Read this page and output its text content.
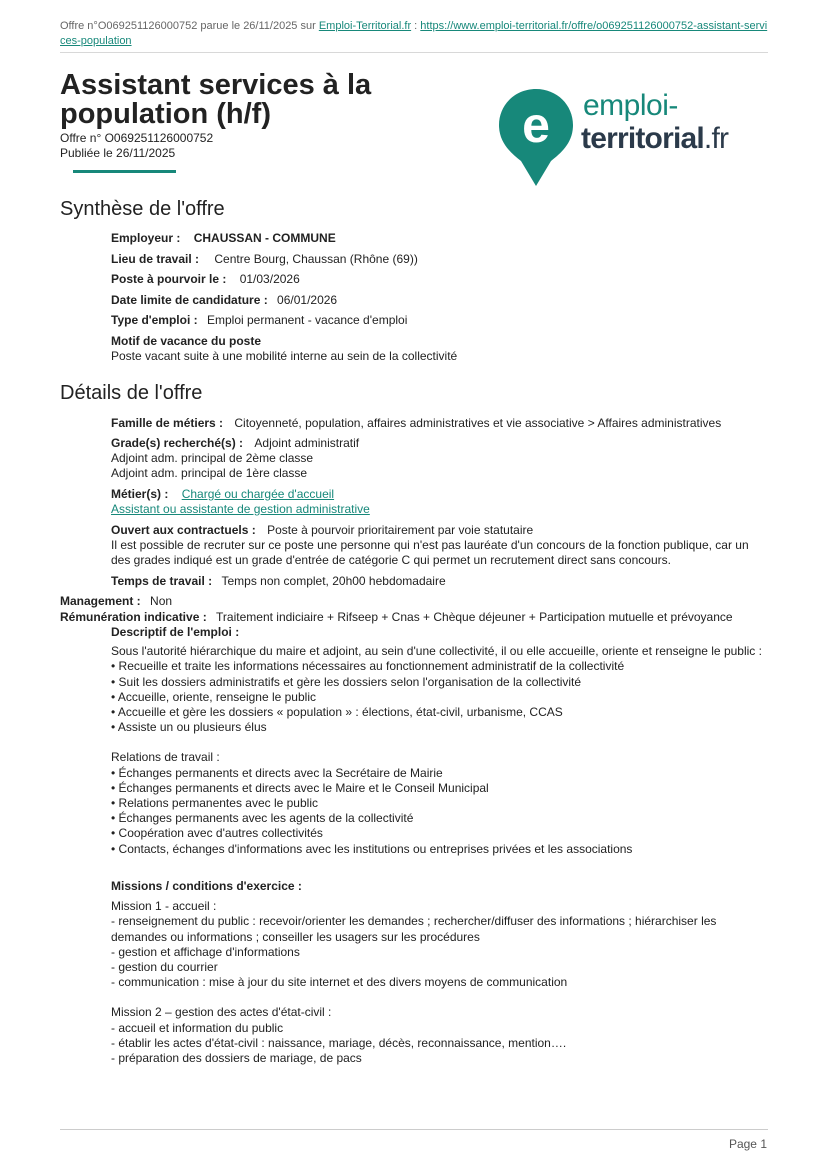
Offre n°O069251126000752 parue le 26/11/2025 sur Emploi-Territorial.fr : https://www.emploi-territorial.fr/offre/o069251126000752-assistant-services-population
Assistant services à la population (h/f)
Offre n° O069251126000752
Publiée le 26/11/2025	e emploi-
territorial.fr
Synthèse de l'offre
Employeur : CHAUSSAN - COMMUNE
Lieu de travail : Centre Bourg, Chaussan (Rhône (69))
Poste à pourvoir le : 01/03/2026
Date limite de candidature : 06/01/2026
Type d'emploi : Emploi permanent - vacance d'emploi
Motif de vacance du poste
Poste vacant suite à une mobilité interne au sein de la collectivité
Détails de l'offre
Famille de métiers : Citoyenneté, population, affaires administratives et vie associative > Affaires administratives
Grade(s) recherché(s) : Adjoint administratif
Adjoint adm. principal de 2ème classe
Adjoint adm. principal de 1ère classe
Métier(s) : Chargé ou chargée d'accueil
Assistant ou assistante de gestion administrative
Ouvert aux contractuels : Poste à pourvoir prioritairement par voie statutaire
Il est possible de recruter sur ce poste une personne qui n'est pas lauréate d'un concours de la fonction publique, car un des grades indiqué est un grade d'entrée de catégorie C qui permet un recrutement direct sans concours.
Temps de travail : Temps non complet, 20h00 hebdomadaire
Management : Non
Rémunération indicative : Traitement indiciaire + Rifseep + Cnas + Chèque déjeuner + Participation mutuelle et prévoyance
Descriptif de l'emploi :
Sous l'autorité hiérarchique du maire et adjoint, au sein d'une collectivité, il ou elle accueille, oriente et renseigne le public :
• Recueille et traite les informations nécessaires au fonctionnement administratif de la collectivité
• Suit les dossiers administratifs et gère les dossiers selon l'organisation de la collectivité
• Accueille, oriente, renseigne le public
• Accueille et gère les dossiers « population » : élections, état-civil, urbanisme, CCAS
• Assiste un ou plusieurs élus
Relations de travail :
• Échanges permanents et directs avec la Secrétaire de Mairie
• Échanges permanents et directs avec le Maire et le Conseil Municipal
• Relations permanentes avec le public
• Échanges permanents avec les agents de la collectivité
• Coopération avec d'autres collectivités
• Contacts, échanges d'informations avec les institutions ou entreprises privées et les associations
Missions / conditions d'exercice :
Mission 1 - accueil :
- renseignement du public : recevoir/orienter les demandes ; rechercher/diffuser des informations ; hiérarchiser les demandes ou informations ; conseiller les usagers sur les procédures
- gestion et affichage d'informations
- gestion du courrier
- communication : mise à jour du site internet et des divers moyens de communication
Mission 2 – gestion des actes d'état-civil :
- accueil et information du public
- établir les actes d'état-civil : naissance, mariage, décès, reconnaissance, mention….
- préparation des dossiers de mariage, de pacs
Page 1
